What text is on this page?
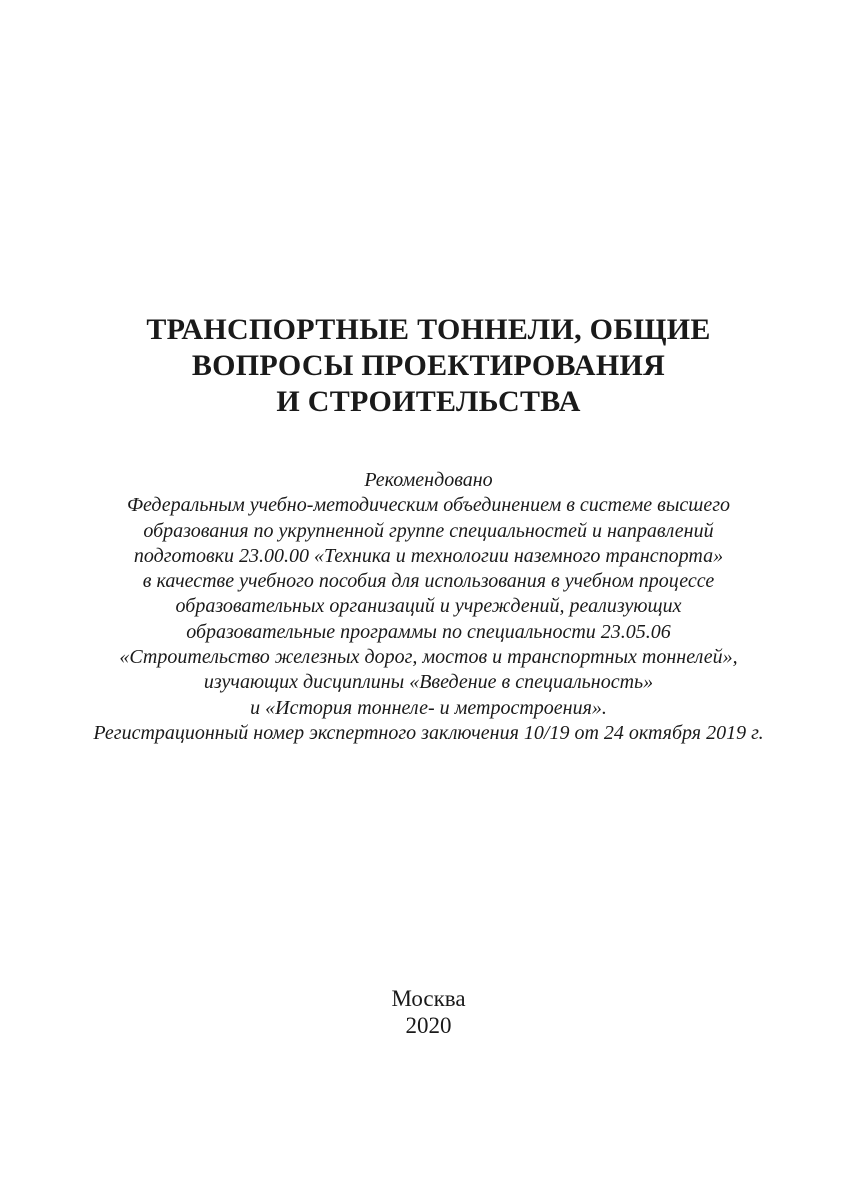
ТРАНСПОРТНЫЕ ТОННЕЛИ, ОБЩИЕ
ВОПРОСЫ ПРОЕКТИРОВАНИЯ
И СТРОИТЕЛЬСТВА
Рекомендовано
Федеральным учебно-методическим объединением в системе высшего
образования по укрупненной группе специальностей и направлений
подготовки 23.00.00 «Техника и технологии наземного транспорта»
в качестве учебного пособия для использования в учебном процессе
образовательных организаций и учреждений, реализующих
образовательные программы по специальности 23.05.06
«Строительство железных дорог, мостов и транспортных тоннелей»,
изучающих дисциплины «Введение в специальность»
и «История тоннеле- и метростроения».
Регистрационный номер экспертного заключения 10/19 от 24 октября 2019 г.
Москва
2020
